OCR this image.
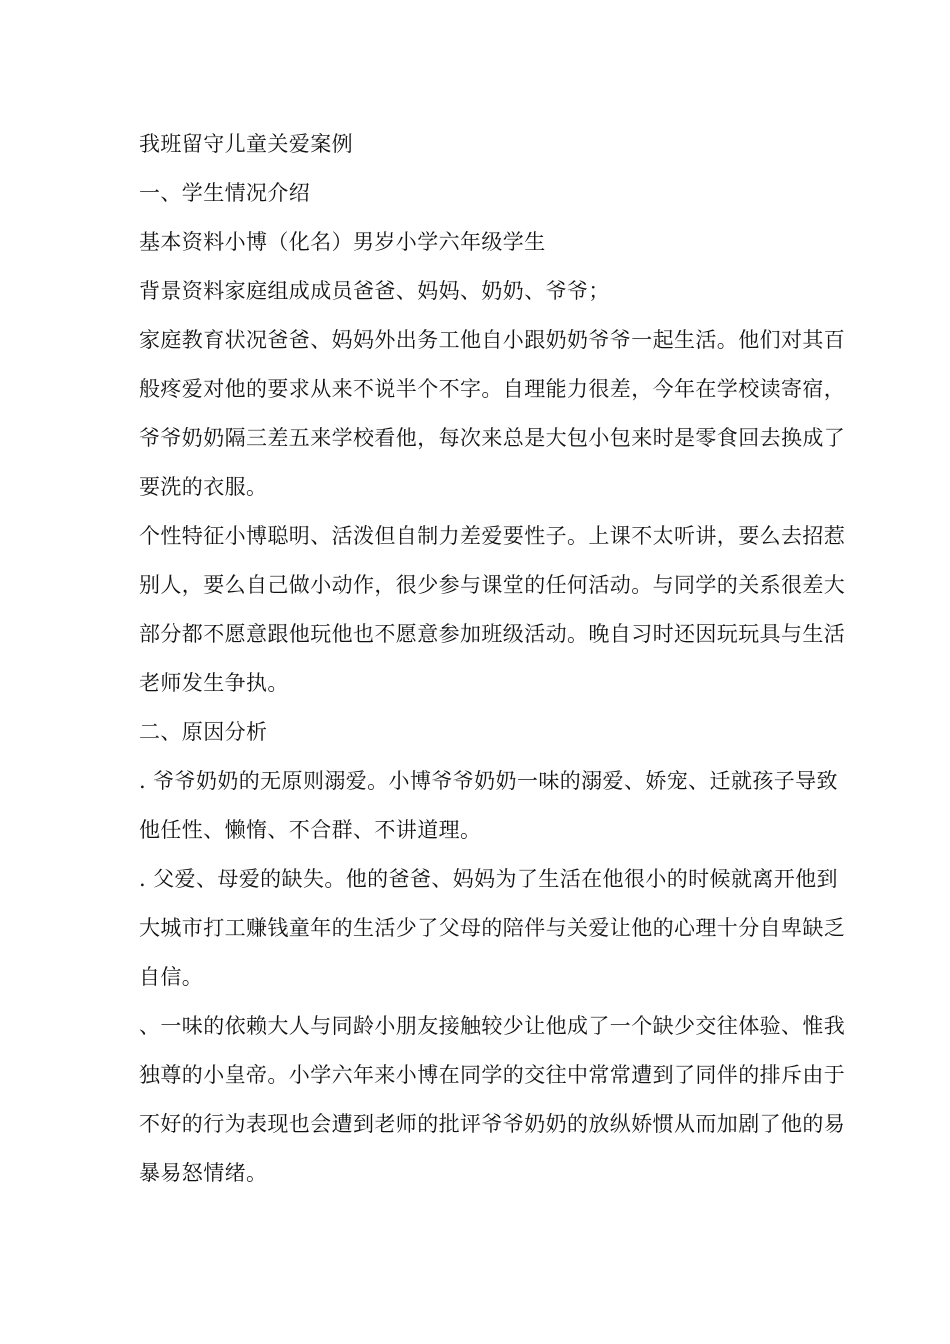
我班留守儿童关爱案例

一、学生情况介绍

基本资料小博（化名）男岁小学六年级学生

背景资料家庭组成成员爸爸、妈妈、奶奶、爷爷；

家庭教育状况爸爸、妈妈外出务工他自小跟奶奶爷爷一起生活。他们对其百般疼爱对他的要求从来不说半个不字。自理能力很差，今年在学校读寄宿，爷爷奶奶隔三差五来学校看他，每次来总是大包小包来时是零食回去换成了要洗的衣服。

个性特征小博聪明、活泼但自制力差爱要性子。上课不太听讲，要么去招惹别人，要么自己做小动作，很少参与课堂的任何活动。与同学的关系很差大部分都不愿意跟他玩他也不愿意参加班级活动。晚自习时还因玩玩具与生活老师发生争执。

二、原因分析

. 爷爷奶奶的无原则溺爱。小博爷爷奶奶一味的溺爱、娇宠、迁就孩子导致他任性、懒惰、不合群、不讲道理。

. 父爱、母爱的缺失。他的爸爸、妈妈为了生活在他很小的时候就离开他到大城市打工赚钱童年的生活少了父母的陪伴与关爱让他的心理十分自卑缺乏自信。

、一味的依赖大人与同龄小朋友接触较少让他成了一个缺少交往体验、惟我独尊的小皇帝。小学六年来小博在同学的交往中常常遭到了同伴的排斥由于不好的行为表现也会遭到老师的批评爷爷奶奶的放纵娇惯从而加剧了他的易暴易怒情绪。
